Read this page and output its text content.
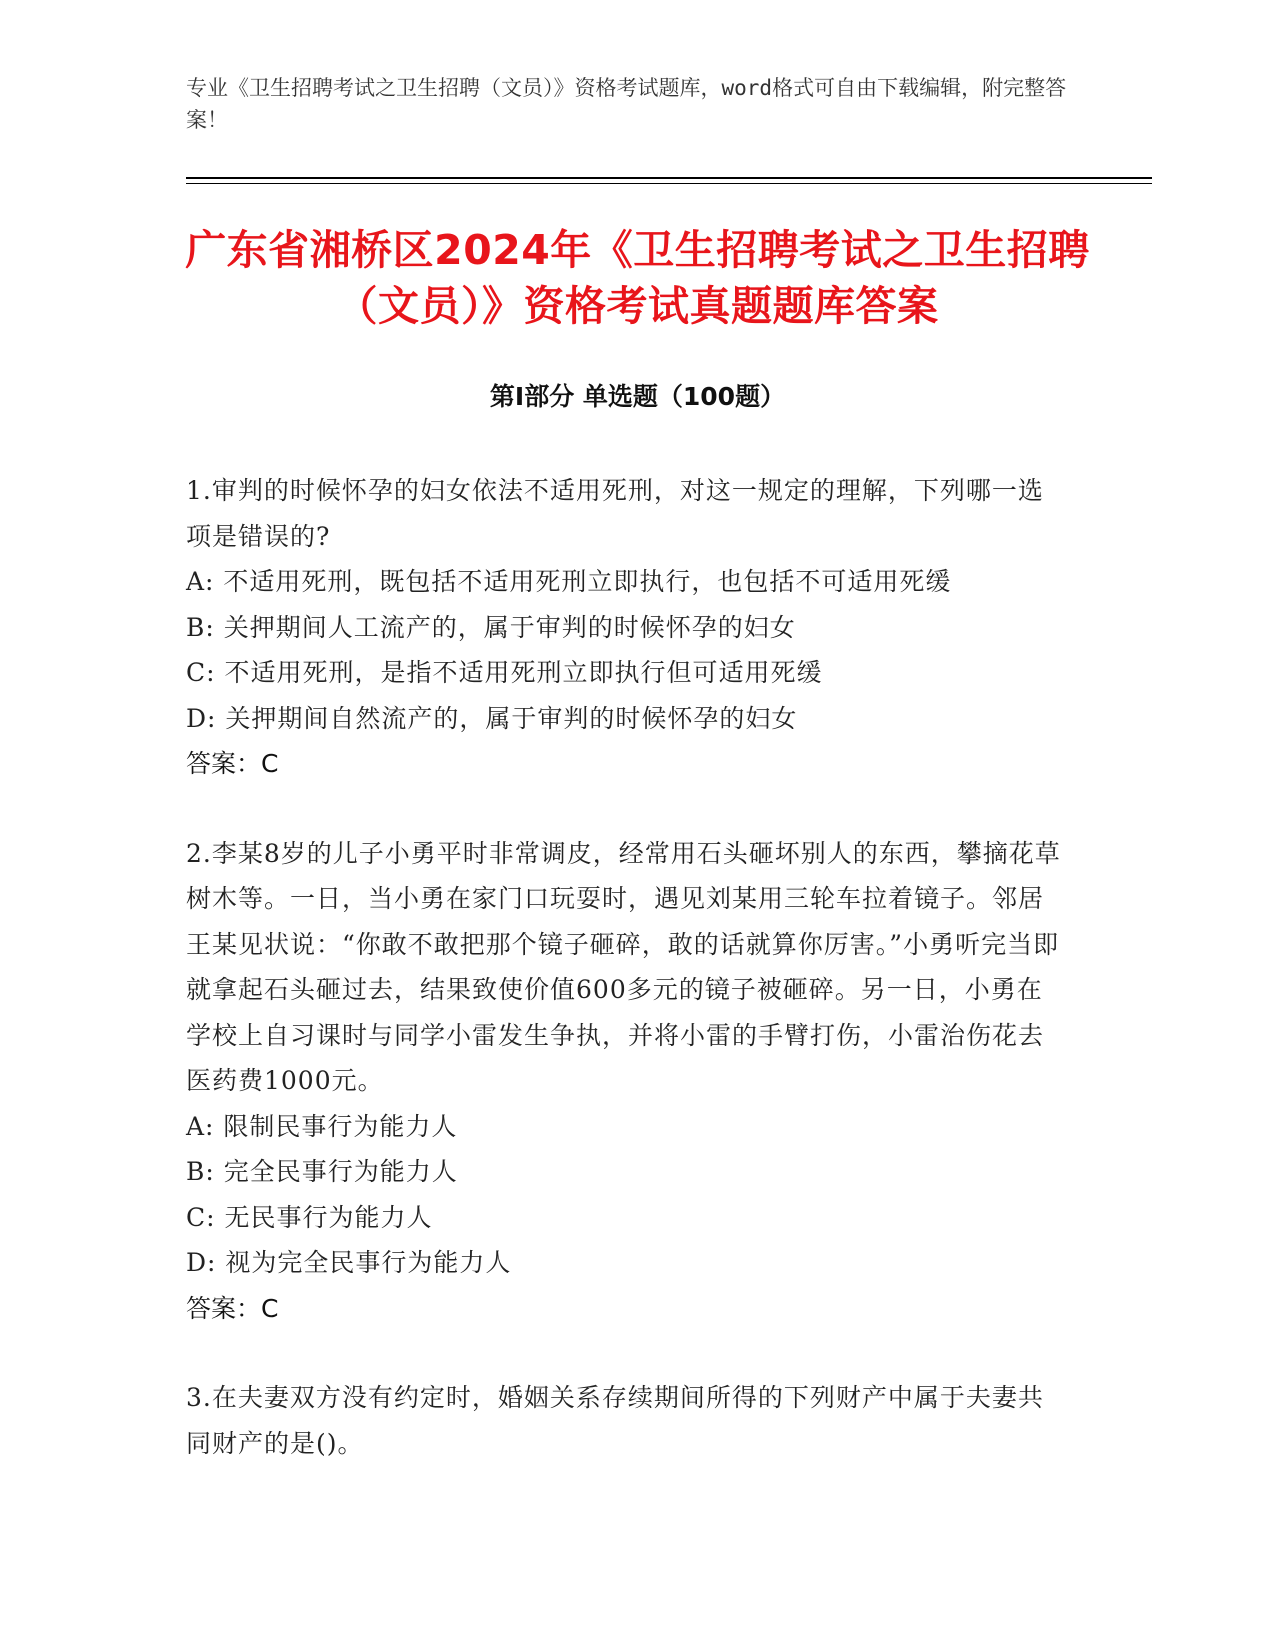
专业《卫生招聘考试之卫生招聘（文员）》资格考试题库，word格式可自由下载编辑，附完整答案！
广东省湘桥区2024年《卫生招聘考试之卫生招聘（文员）》资格考试真题题库答案
第Ⅰ部分 单选题（100题）
1.审判的时候怀孕的妇女依法不适用死刑，对这一规定的理解，下列哪一选项是错误的?
A: 不适用死刑，既包括不适用死刑立即执行，也包括不可适用死缓
B: 关押期间人工流产的，属于审判的时候怀孕的妇女
C: 不适用死刑，是指不适用死刑立即执行但可适用死缓
D: 关押期间自然流产的，属于审判的时候怀孕的妇女
答案：C
2.李某8岁的儿子小勇平时非常调皮，经常用石头砸坏别人的东西，攀摘花草树木等。一日，当小勇在家门口玩耍时，遇见刘某用三轮车拉着镜子。邻居王某见状说：“你敢不敢把那个镜子砸碎，敢的话就算你厉害。”小勇听完当即就拿起石头砸过去，结果致使价值600多元的镜子被砸碎。另一日，小勇在学校上自习课时与同学小雷发生争执，并将小雷的手臂打伤，小雷治伤花去医药费1000元。
A: 限制民事行为能力人
B: 完全民事行为能力人
C: 无民事行为能力人
D: 视为完全民事行为能力人
答案：C
3.在夫妻双方没有约定时，婚姻关系存续期间所得的下列财产中属于夫妻共同财产的是()。
